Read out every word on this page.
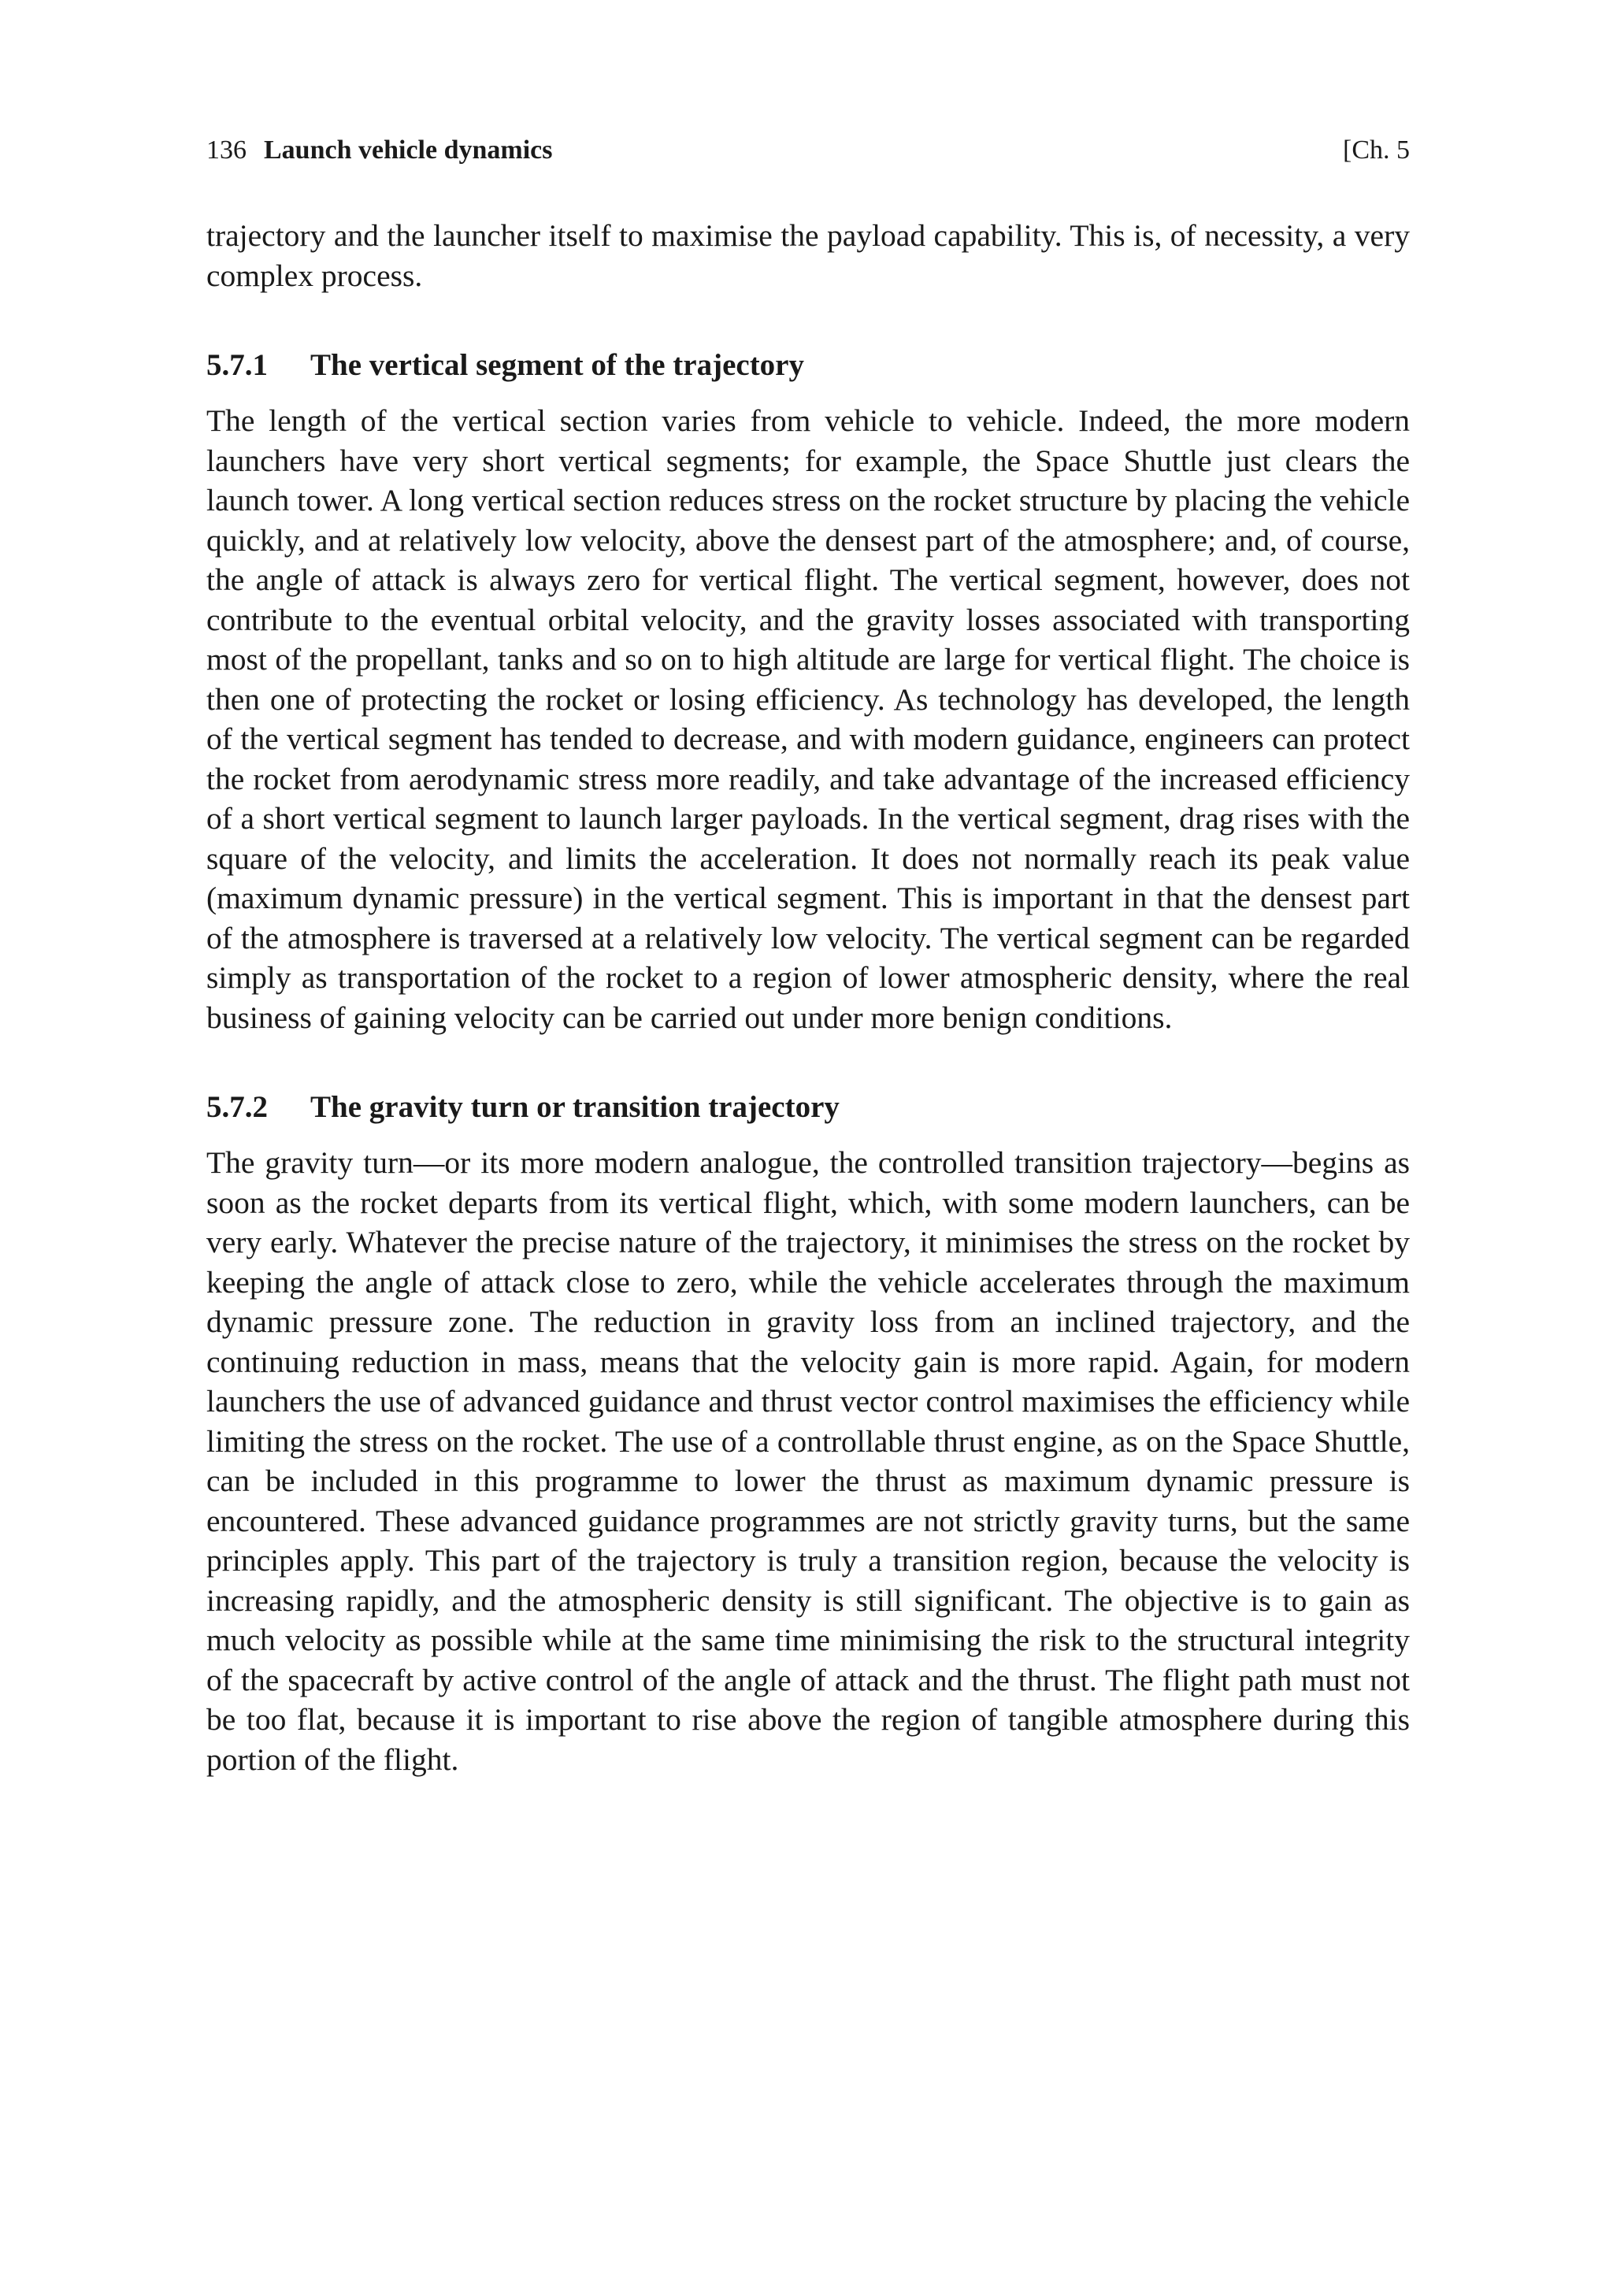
136 Launch vehicle dynamics	[Ch. 5

trajectory and the launcher itself to maximise the payload capability. This is, of necessity, a very complex process.

5.7.1 The vertical segment of the trajectory

The length of the vertical section varies from vehicle to vehicle. Indeed, the more modern launchers have very short vertical segments; for example, the Space Shuttle just clears the launch tower. A long vertical section reduces stress on the rocket structure by placing the vehicle quickly, and at relatively low velocity, above the densest part of the atmosphere; and, of course, the angle of attack is always zero for vertical flight. The vertical segment, however, does not contribute to the eventual orbital velocity, and the gravity losses associated with transporting most of the propellant, tanks and so on to high altitude are large for vertical flight. The choice is then one of protecting the rocket or losing efficiency. As technology has developed, the length of the vertical segment has tended to decrease, and with modern guidance, engineers can protect the rocket from aerodynamic stress more readily, and take advantage of the increased efficiency of a short vertical segment to launch larger payloads. In the vertical segment, drag rises with the square of the velocity, and limits the acceleration. It does not normally reach its peak value (maximum dynamic pressure) in the vertical segment. This is important in that the densest part of the atmosphere is traversed at a relatively low velocity. The vertical segment can be regarded simply as transportation of the rocket to a region of lower atmospheric density, where the real business of gaining velocity can be carried out under more benign conditions.

5.7.2 The gravity turn or transition trajectory

The gravity turn—or its more modern analogue, the controlled transition trajectory—begins as soon as the rocket departs from its vertical flight, which, with some modern launchers, can be very early. Whatever the precise nature of the trajectory, it minimises the stress on the rocket by keeping the angle of attack close to zero, while the vehicle accelerates through the maximum dynamic pressure zone. The reduction in gravity loss from an inclined trajectory, and the continuing reduction in mass, means that the velocity gain is more rapid. Again, for modern launchers the use of advanced guidance and thrust vector control maximises the efficiency while limiting the stress on the rocket. The use of a controllable thrust engine, as on the Space Shuttle, can be included in this programme to lower the thrust as maximum dynamic pressure is encountered. These advanced guidance programmes are not strictly gravity turns, but the same principles apply. This part of the trajectory is truly a transition region, because the velocity is increasing rapidly, and the atmospheric density is still significant. The objective is to gain as much velocity as possible while at the same time minimising the risk to the structural integrity of the spacecraft by active control of the angle of attack and the thrust. The flight path must not be too flat, because it is important to rise above the region of tangible atmosphere during this portion of the flight.
